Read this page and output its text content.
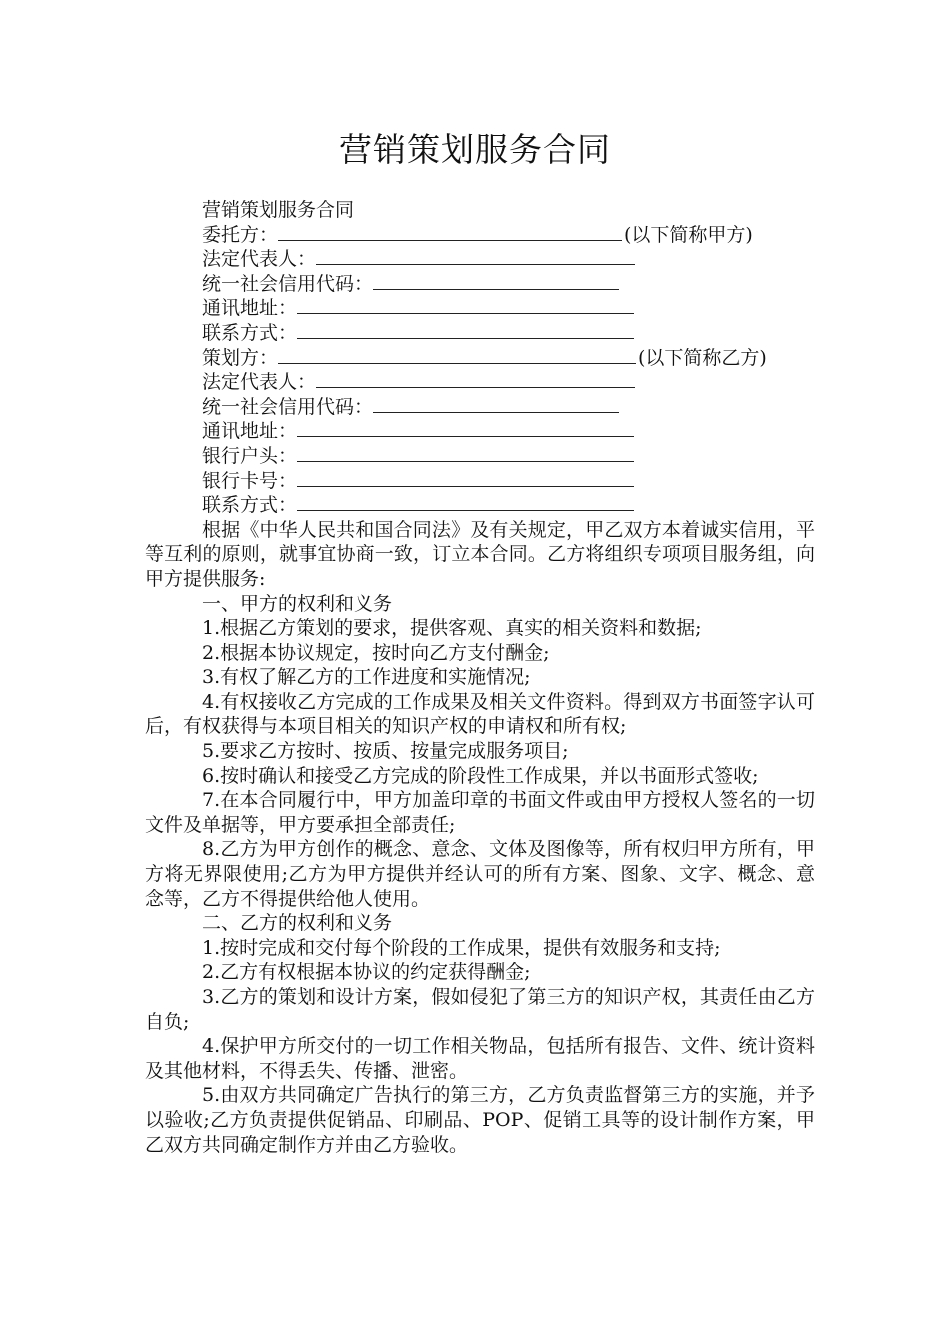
营销策划服务合同
营销策划服务合同
委托方：	(以下简称甲方)
法定代表人：
统一社会信用代码：
通讯地址：
联系方式：
策划方：	(以下简称乙方)
法定代表人：
统一社会信用代码：
通讯地址：
银行户头：
银行卡号：
联系方式：
根据《中华人民共和国合同法》及有关规定，甲乙双方本着诚实信用，平等互利的原则，就事宜协商一致，订立本合同。乙方将组织专项项目服务组，向甲方提供服务:
一、甲方的权利和义务
1.根据乙方策划的要求，提供客观、真实的相关资料和数据;
2.根据本协议规定，按时向乙方支付酬金;
3.有权了解乙方的工作进度和实施情况;
4.有权接收乙方完成的工作成果及相关文件资料。得到双方书面签字认可后，有权获得与本项目相关的知识产权的申请权和所有权;
5.要求乙方按时、按质、按量完成服务项目;
6.按时确认和接受乙方完成的阶段性工作成果，并以书面形式签收;
7.在本合同履行中，甲方加盖印章的书面文件或由甲方授权人签名的一切文件及单据等，甲方要承担全部责任;
8.乙方为甲方创作的概念、意念、文体及图像等，所有权归甲方所有，甲方将无界限使用;乙方为甲方提供并经认可的所有方案、图象、文字、概念、意念等，乙方不得提供给他人使用。
二、乙方的权利和义务
1.按时完成和交付每个阶段的工作成果，提供有效服务和支持;
2.乙方有权根据本协议的约定获得酬金;
3.乙方的策划和设计方案，假如侵犯了第三方的知识产权，其责任由乙方自负;
4.保护甲方所交付的一切工作相关物品，包括所有报告、文件、统计资料及其他材料，不得丢失、传播、泄密。
5.由双方共同确定广告执行的第三方，乙方负责监督第三方的实施，并予以验收;乙方负责提供促销品、印刷品、POP、促销工具等的设计制作方案，甲乙双方共同确定制作方并由乙方验收。
